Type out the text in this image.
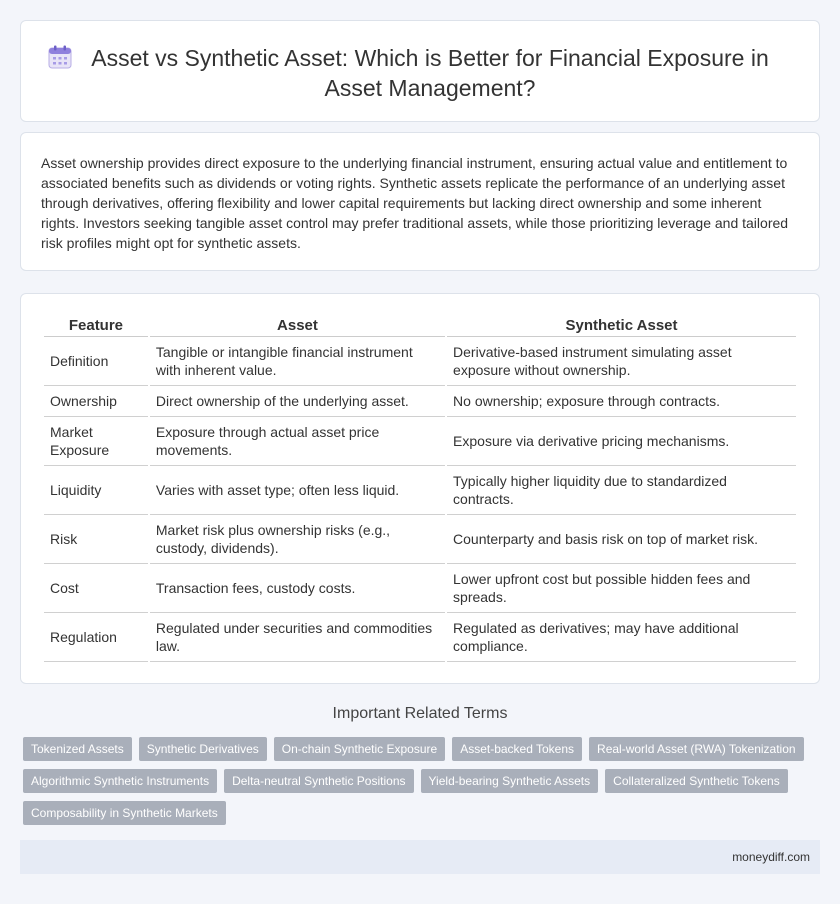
Asset vs Synthetic Asset: Which is Better for Financial Exposure in Asset Management?

Asset ownership provides direct exposure to the underlying financial instrument, ensuring actual value and entitlement to associated benefits such as dividends or voting rights. Synthetic assets replicate the performance of an underlying asset through derivatives, offering flexibility and lower capital requirements but lacking direct ownership and some inherent rights. Investors seeking tangible asset control may prefer traditional assets, while those prioritizing leverage and tailored risk profiles might opt for synthetic assets.

Feature	Asset	Synthetic Asset
Definition	Tangible or intangible financial instrument with inherent value.	Derivative-based instrument simulating asset exposure without ownership.
Ownership	Direct ownership of the underlying asset.	No ownership; exposure through contracts.
Market Exposure	Exposure through actual asset price movements.	Exposure via derivative pricing mechanisms.
Liquidity	Varies with asset type; often less liquid.	Typically higher liquidity due to standardized contracts.
Risk	Market risk plus ownership risks (e.g., custody, dividends).	Counterparty and basis risk on top of market risk.
Cost	Transaction fees, custody costs.	Lower upfront cost but possible hidden fees and spreads.
Regulation	Regulated under securities and commodities law.	Regulated as derivatives; may have additional compliance.
Important Related Terms
Tokenized Assets	Synthetic Derivatives	On-chain Synthetic Exposure	Asset-backed Tokens	Real-world Asset (RWA) Tokenization
Algorithmic Synthetic Instruments	Delta-neutral Synthetic Positions	Yield-bearing Synthetic Assets	Collateralized Synthetic Tokens
Composability in Synthetic Markets
moneydiff.com
